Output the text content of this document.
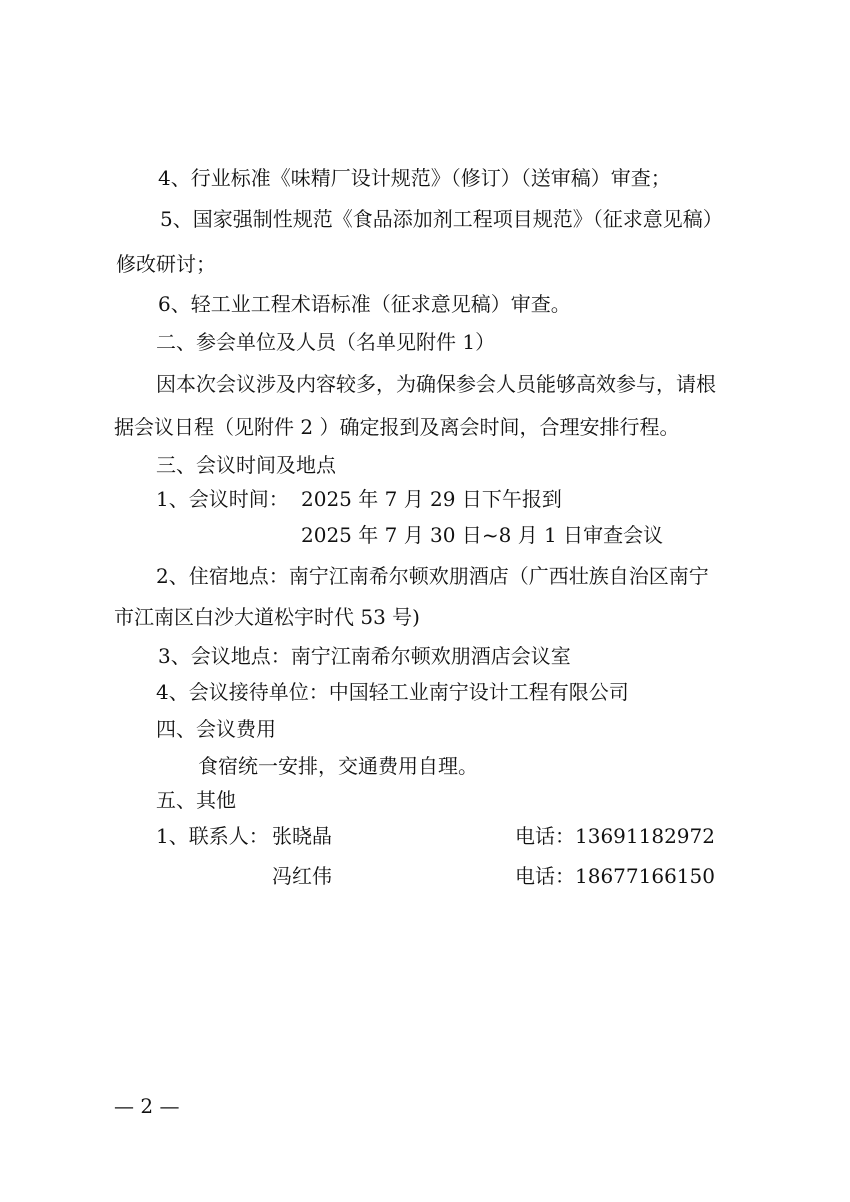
4、行业标准《味精厂设计规范》（修订）（送审稿）审查；
5、国家强制性规范《食品添加剂工程项目规范》（征求意见稿）
修改研讨；
6、轻工业工程术语标准（征求意见稿）审查。
二、参会单位及人员（名单见附件 1）
因本次会议涉及内容较多，为确保参会人员能够高效参与，请根
据会议日程（见附件 2 ）确定报到及离会时间，合理安排行程。
三、会议时间及地点
1、会议时间： 2025 年 7 月 29 日下午报到
2025 年 7 月 30 日~8 月 1 日审查会议
2、住宿地点：南宁江南希尔顿欢朋酒店（广西壮族自治区南宁
市江南区白沙大道松宇时代 53 号)
3、会议地点：南宁江南希尔顿欢朋酒店会议室
4、会议接待单位：中国轻工业南宁设计工程有限公司
四、会议费用
食宿统一安排，交通费用自理。
五、其他
1、联系人： 张晓晶	电话：13691182972
冯红伟	电话：18677166150
— 2 —
